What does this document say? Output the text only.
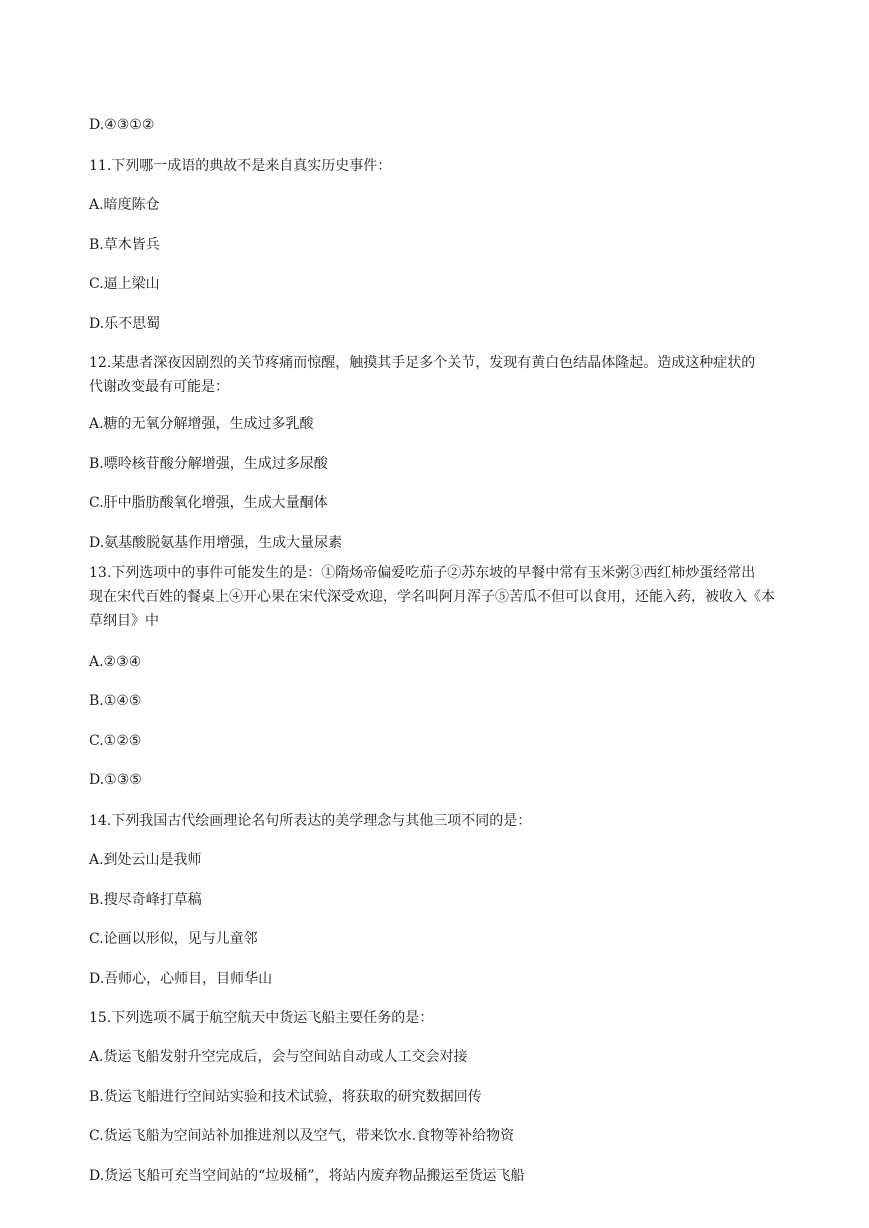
D.④③①②
11.下列哪一成语的典故不是来自真实历史事件：
A.暗度陈仓
B.草木皆兵
C.逼上梁山
D.乐不思蜀
12.某患者深夜因剧烈的关节疼痛而惊醒，触摸其手足多个关节，发现有黄白色结晶体隆起。造成这种症状的
代谢改变最有可能是：
A.糖的无氧分解增强，生成过多乳酸
B.嘌呤核苷酸分解增强，生成过多尿酸
C.肝中脂肪酸氧化增强，生成大量酮体
D.氨基酸脱氨基作用增强，生成大量尿素
13.下列选项中的事件可能发生的是：①隋炀帝偏爱吃茄子②苏东坡的早餐中常有玉米粥③西红柿炒蛋经常出
现在宋代百姓的餐桌上④开心果在宋代深受欢迎，学名叫阿月浑子⑤苦瓜不但可以食用，还能入药，被收入《本
草纲目》中
A.②③④
B.①④⑤
C.①②⑤
D.①③⑤
14.下列我国古代绘画理论名句所表达的美学理念与其他三项不同的是：
A.到处云山是我师
B.搜尽奇峰打草稿
C.论画以形似，见与儿童邻
D.吾师心，心师目，目师华山
15.下列选项不属于航空航天中货运飞船主要任务的是：
A.货运飞船发射升空完成后，会与空间站自动或人工交会对接
B.货运飞船进行空间站实验和技术试验，将获取的研究数据回传
C.货运飞船为空间站补加推进剂以及空气，带来饮水.食物等补给物资
D.货运飞船可充当空间站的“垃圾桶”，将站内废弃物品搬运至货运飞船
